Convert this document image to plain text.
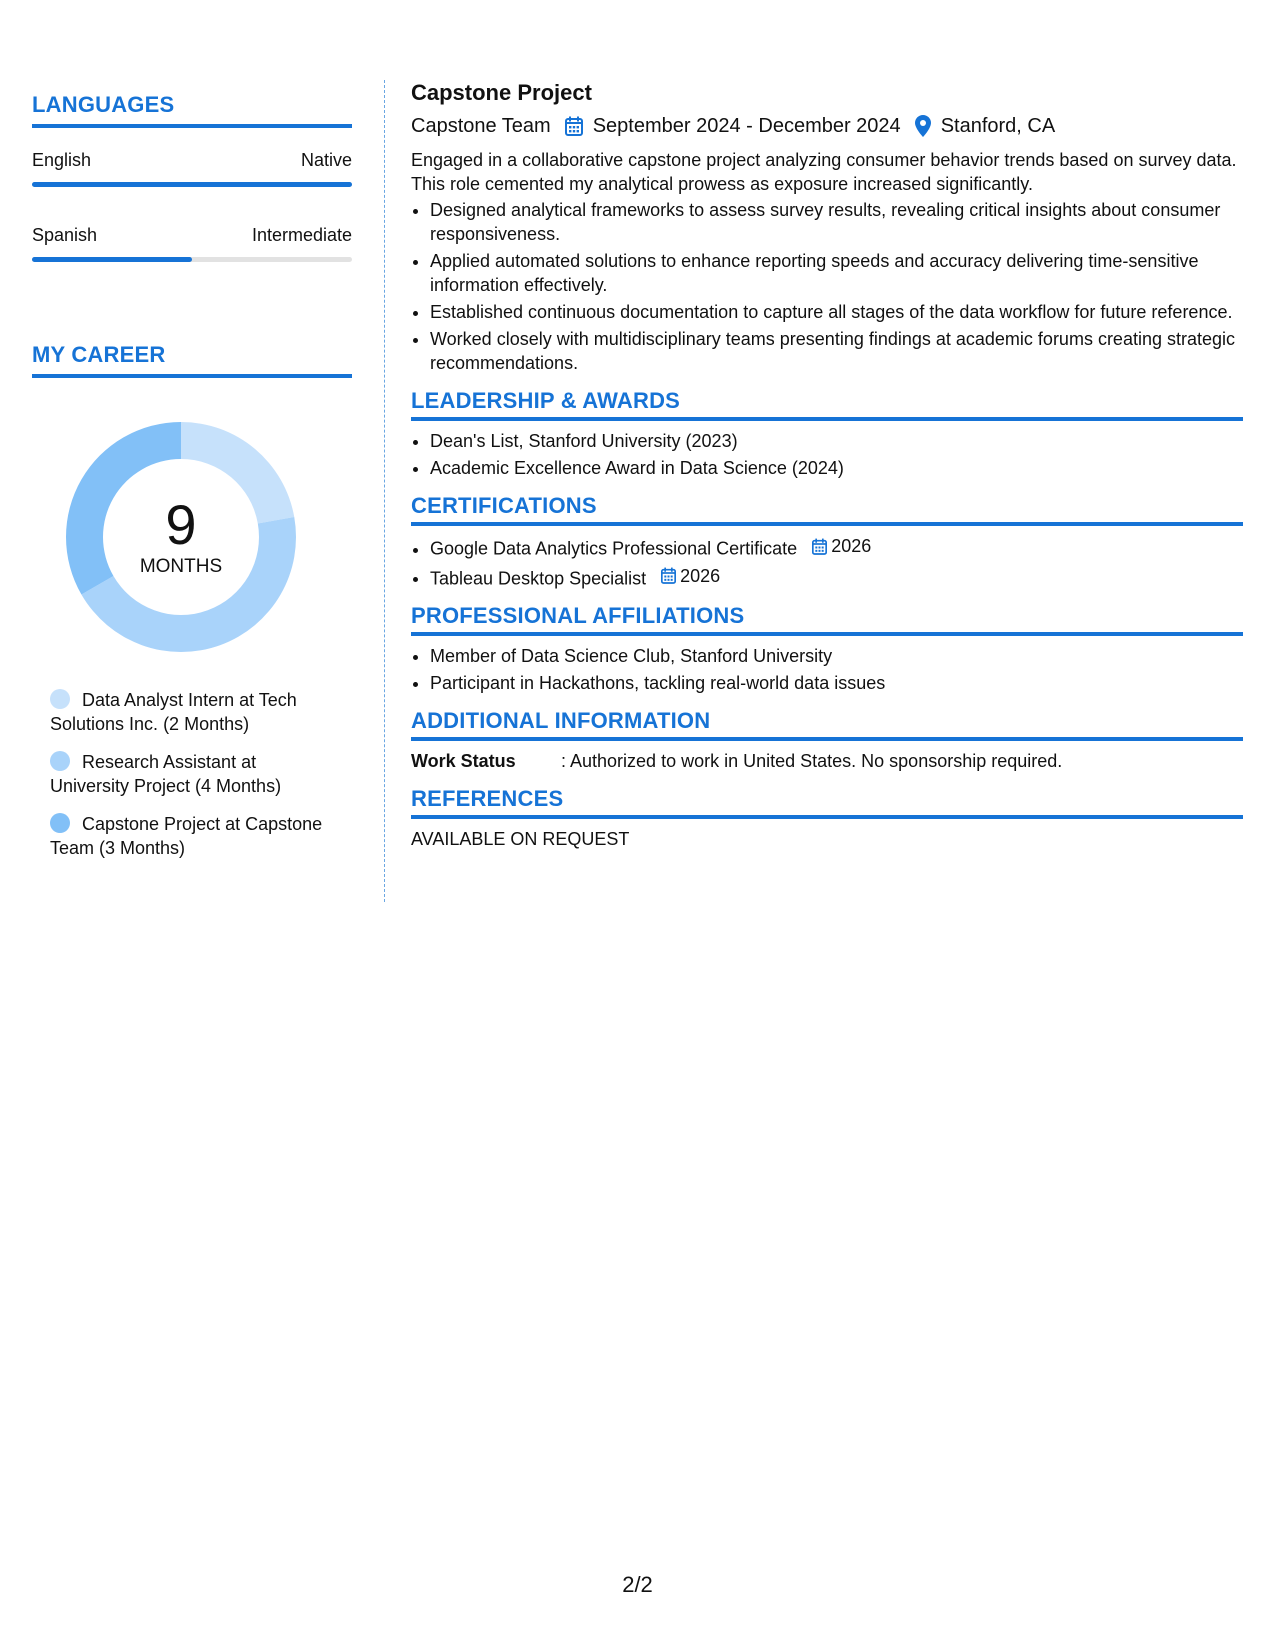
LANGUAGES
English	Native
Spanish	Intermediate
MY CAREER
9
MONTHS
Data Analyst Intern at Tech Solutions Inc. (2 Months)
Research Assistant at University Project (4 Months)
Capstone Project at Capstone Team (3 Months)
Capstone Project
Capstone Team September 2024 - December 2024 Stanford, CA
Engaged in a collaborative capstone project analyzing consumer behavior trends based on survey data. This role cemented my analytical prowess as exposure increased significantly.
• Designed analytical frameworks to assess survey results, revealing critical insights about consumer responsiveness.
• Applied automated solutions to enhance reporting speeds and accuracy delivering time-sensitive information effectively.
• Established continuous documentation to capture all stages of the data workflow for future reference.
• Worked closely with multidisciplinary teams presenting findings at academic forums creating strategic recommendations.
LEADERSHIP & AWARDS
• Dean's List, Stanford University (2023)
• Academic Excellence Award in Data Science (2024)
CERTIFICATIONS
• Google Data Analytics Professional Certificate 2026
• Tableau Desktop Specialist 2026
PROFESSIONAL AFFILIATIONS
• Member of Data Science Club, Stanford University
• Participant in Hackathons, tackling real-world data issues
ADDITIONAL INFORMATION
Work Status	: Authorized to work in United States. No sponsorship required.
REFERENCES
AVAILABLE ON REQUEST
2/2
